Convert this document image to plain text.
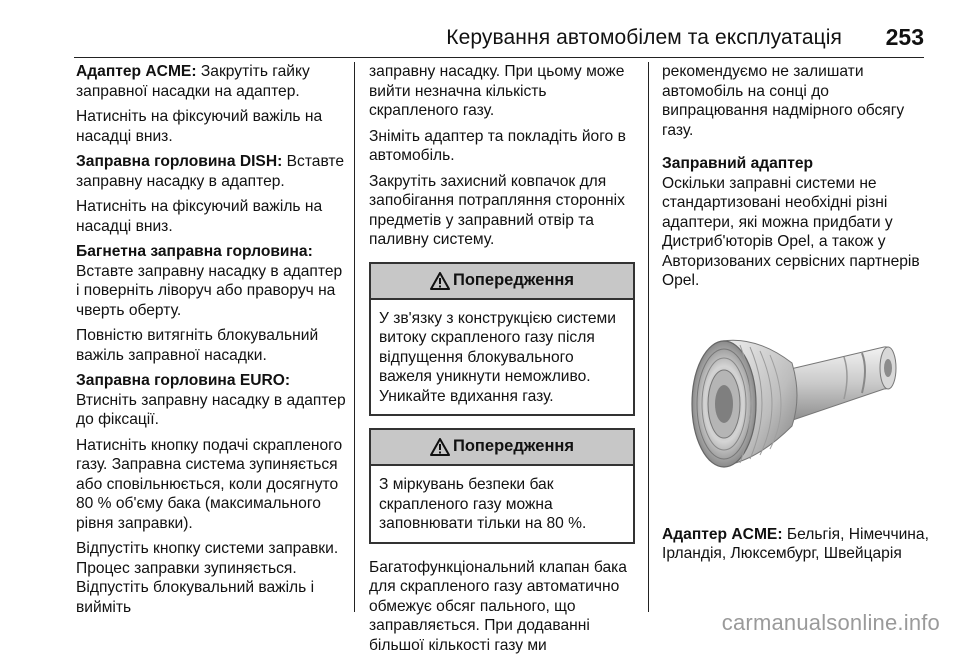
Керування автомобілем та експлуатація 253

Адаптер ACME: Закрутіть гайку заправної насадки на адаптер.

Натисніть на фіксуючий важіль на насадці вниз.

Заправна горловина DISH: Вставте заправну насадку в адаптер.

Натисніть на фіксуючий важіль на насадці вниз.

Багнетна заправна горловина:
Вставте заправну насадку в адаптер і поверніть ліворуч або праворуч на чверть оберту.

Повністю витягніть блокувальний важіль заправної насадки.

Заправна горловина EURO:
Втисніть заправну насадку в адаптер до фіксації.

Натисніть кнопку подачі скрапленого газу. Заправна система зупиняється або сповільнюється, коли досягнуто 80 % об'єму бака (максимального рівня заправки).

Відпустіть кнопку системи заправки. Процес заправки зупиняється. Відпустіть блокувальний важіль і вийміть

заправну насадку. При цьому може вийти незначна кількість скрапленого газу.

Зніміть адаптер та покладіть його в автомобіль.

Закрутіть захисний ковпачок для запобігання потрапляння сторонніх предметів у заправний отвір та паливну систему.

Попередження
У зв'язку з конструкцією системи витоку скрапленого газу після відпущення блокувального важеля уникнути неможливо. Уникайте вдихання газу.
Попередження
З міркувань безпеки бак скрапленого газу можна заповнювати тільки на 80 %.

Багатофункціональний клапан бака для скрапленого газу автоматично обмежує обсяг пального, що заправляється. При додаванні більшої кількості газу ми

рекомендуємо не залишати автомобіль на сонці до випрацювання надмірного обсягу газу.

Заправний адаптер

Оскільки заправні системи не стандартизовані необхідні різні адаптери, які можна придбати у Дистриб'юторів Opel, а також у Авторизованих сервісних партнерів Opel.

Адаптер ACME: Бельгія, Німеччина, Ірландія, Люксембург, Швейцарія

carmanualsonline.info
